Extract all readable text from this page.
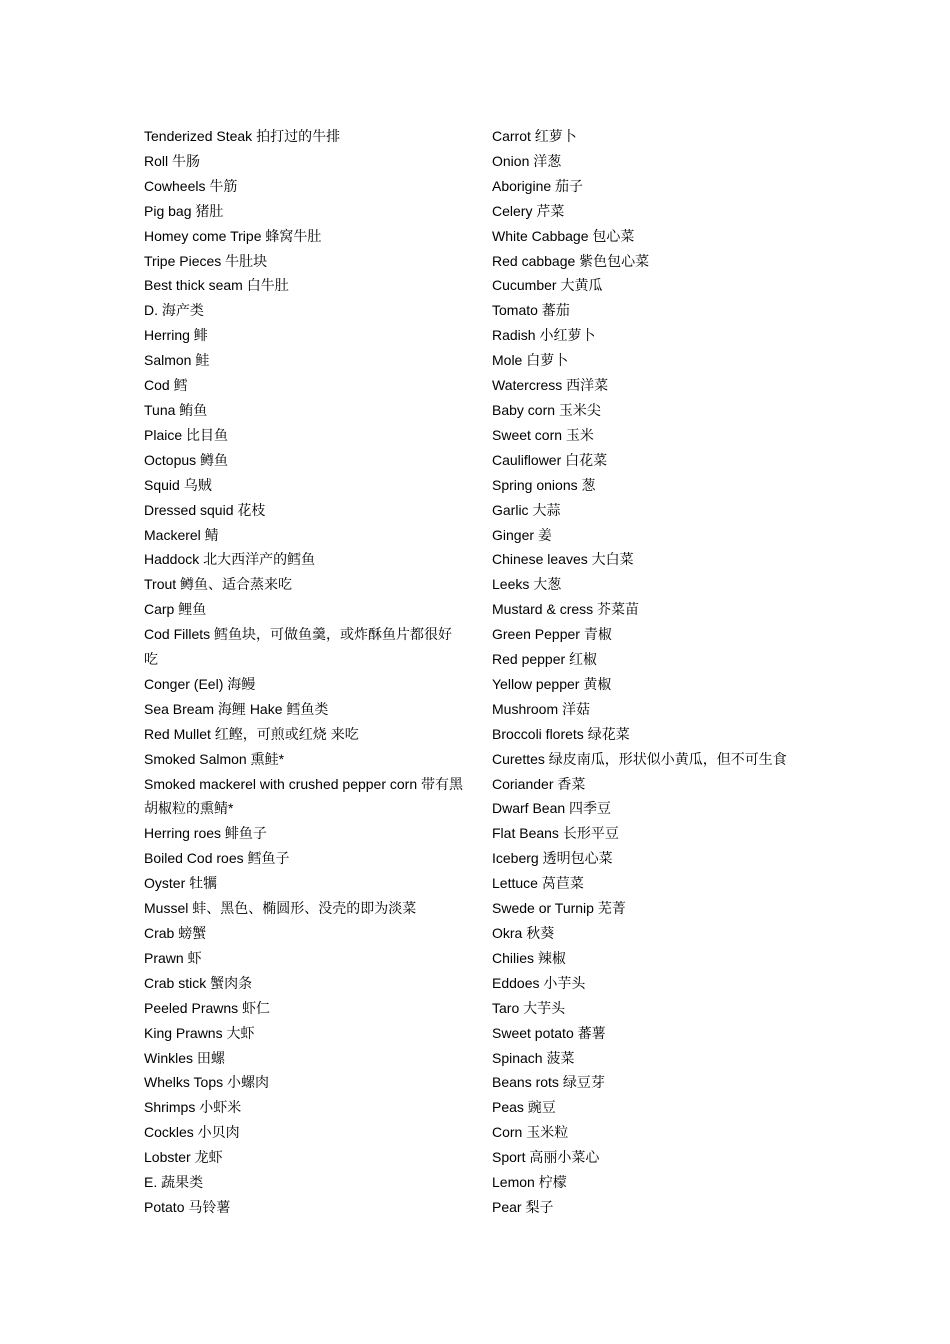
Tenderized Steak 拍打过的牛排
Roll 牛肠
Cowheels 牛筋
Pig bag 猪肚
Homey come Tripe 蜂窝牛肚
Tripe Pieces 牛肚块
Best thick seam 白牛肚
D. 海产类
Herring 鲱
Salmon 鲑
Cod 鳕
Tuna 鲔鱼
Plaice 比目鱼
Octopus 鳟鱼
Squid 乌贼
Dressed squid 花枝
Mackerel 鲭
Haddock 北大西洋产的鳕鱼
Trout 鳟鱼、适合蒸来吃
Carp 鲤鱼
Cod Fillets 鳕鱼块，可做鱼羹，或炸酥鱼片都很好吃
Conger (Eel) 海鳗
Sea Bream 海鲤 Hake 鳕鱼类
Red Mullet 红鲣，可煎或红烧 来吃
Smoked Salmon 熏鲑*
Smoked mackerel with crushed pepper corn 带有黑胡椒粒的熏鲭*
Herring roes 鲱鱼子
Boiled Cod roes 鳕鱼子
Oyster 牡犡
Mussel 蚌、黑色、椭圆形、没壳的即为淡菜
Crab 螃蟹
Prawn 虾
Crab stick 蟹肉条
Peeled Prawns 虾仁
King Prawns 大虾
Winkles 田螺
Whelks Tops 小螺肉
Shrimps 小虾米
Cockles 小贝肉
Lobster 龙虾
E. 蔬果类
Potato 马铃薯
Carrot 红萝卜
Onion 洋葱
Aborigine 茄子
Celery 芹菜
White Cabbage 包心菜
Red cabbage 紫色包心菜
Cucumber 大黄瓜
Tomato 蕃茄
Radish 小红萝卜
Mole 白萝卜
Watercress 西洋菜
Baby corn 玉米尖
Sweet corn 玉米
Cauliflower 白花菜
Spring onions 葱
Garlic 大蒜
Ginger 姜
Chinese leaves 大白菜
Leeks 大葱
Mustard & cress 芥菜苗
Green Pepper 青椒
Red pepper 红椒
Yellow pepper 黄椒
Mushroom 洋菇
Broccoli florets 绿花菜
Curettes 绿皮南瓜，形状似小黄瓜，但不可生食
Coriander 香菜
Dwarf Bean 四季豆
Flat Beans 长形平豆
Iceberg 透明包心菜
Lettuce 莴苣菜
Swede or Turnip 芜菁
Okra 秋葵
Chilies 辣椒
Eddoes 小芋头
Taro 大芋头
Sweet potato 蕃薯
Spinach 菠菜
Beans rots 绿豆芽
Peas 豌豆
Corn 玉米粒
Sport 高丽小菜心
Lemon 柠檬
Pear 梨子
